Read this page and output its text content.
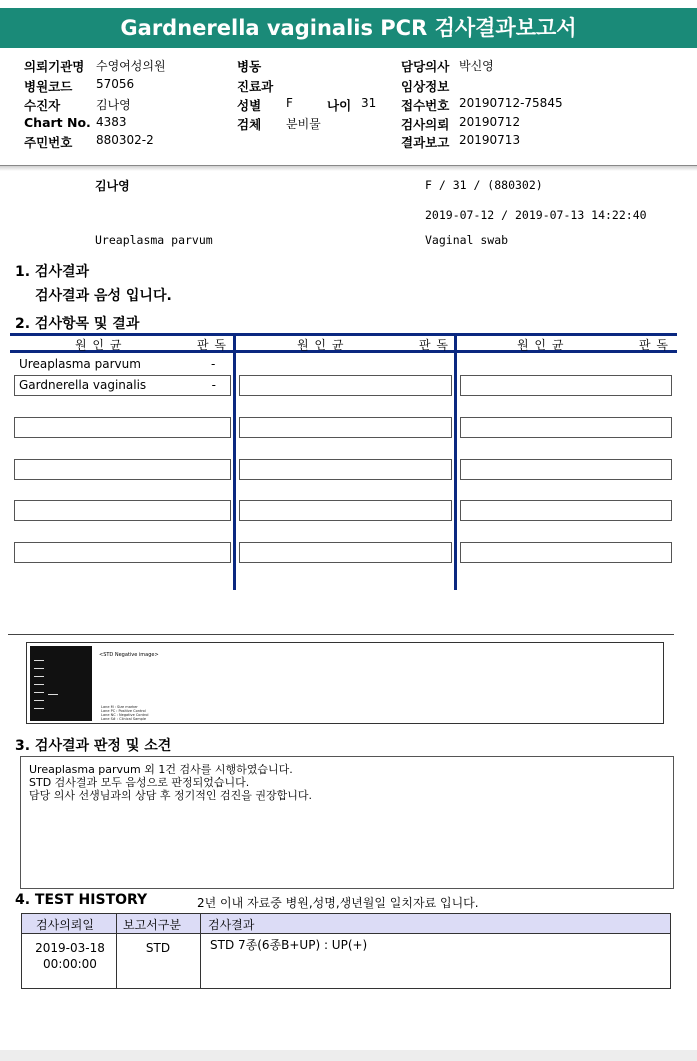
Gardnerella vaginalis PCR 검사결과보고서
의뢰기관명 수영여성의원
병원코드 57056
수진자	김나영
Chart No. 4383
주민번호 880302-2
병동
진료과
성별 F	나이 31
검체 분비물
담당의사 박신영
임상정보
접수번호 20190712-75845
검사의뢰 20190712
결과보고 20190713
김나영	F / 31 / (880302)
2019-07-12 / 2019-07-13 14:22:40
Ureaplasma parvum	Vaginal swab
1. 검사결과
검사결과 음성 입니다.
2. 검사항목 및 결과
원 인 균	판 독	원 인 균	판 독	원 인 균	판 독
Ureaplasma parvum	-
Gardnerella vaginalis	-
<STD Negative image>
Lane M : Size marker
Lane PC : Positive Control
Lane NC : Negative Control
Lane S# : Clinical Sample
3. 검사결과 판정 및 소견
Ureaplasma parvum 외 1건 검사를 시행하였습니다.
STD 검사결과 모두 음성으로 판정되었습니다.
담당 의사 선생님과의 상담 후 정기적인 검진을 권장합니다.
4. TEST HISTORY	2년 이내 자료중 병원,성명,생년월일 일치자료 입니다.
검사의뢰일 보고서구분 검사결과
2019-03-18
00:00:00
STD	STD 7종(6종B+UP) : UP(+)
